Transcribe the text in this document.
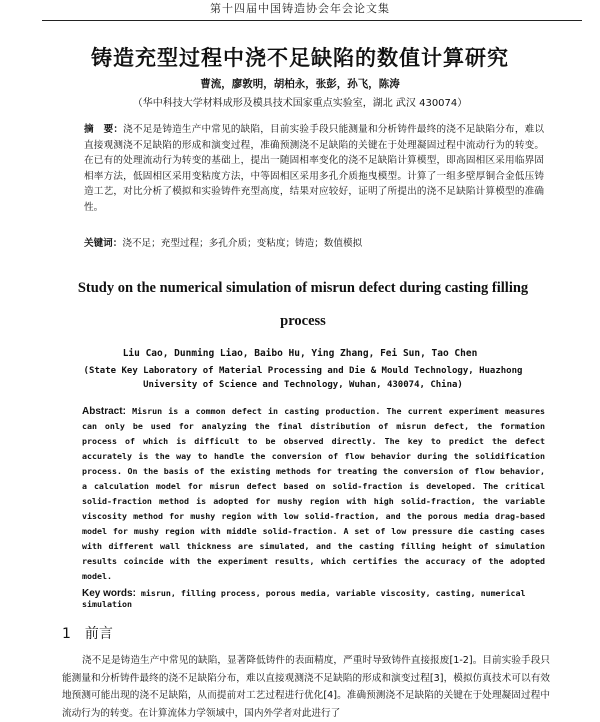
第十四届中国铸造协会年会论文集
铸造充型过程中浇不足缺陷的数值计算研究
曹流，廖敦明，胡柏永，张彭，孙飞，陈涛
（华中科技大学材料成形及模具技术国家重点实验室，湖北 武汉 430074）
摘　要：浇不足是铸造生产中常见的缺陷，目前实验手段只能测量和分析铸件最终的浇不足缺陷分布，难以直接观测浇不足缺陷的形成和演变过程，准确预测浇不足缺陷的关键在于处理凝固过程中流动行为的转变。在已有的处理流动行为转变的基础上，提出一随固相率变化的浇不足缺陷计算模型，即高固相区采用临界固相率方法，低固相区采用变粘度方法，中等固相区采用多孔介质拖曳模型。计算了一组多壁厚铜合金低压铸造工艺，对比分析了模拟和实验铸件充型高度，结果对应较好，证明了所提出的浇不足缺陷计算模型的准确性。
关键词：浇不足；充型过程；多孔介质；变粘度；铸造；数值模拟
Study on the numerical simulation of misrun defect during casting filling process
Liu Cao, Dunming Liao, Baibo Hu, Ying Zhang, Fei Sun, Tao Chen
(State Key Laboratory of Material Processing and Die & Mould Technology, Huazhong University of Science and Technology, Wuhan, 430074, China)
Abstract: Misrun is a common defect in casting production. The current experiment measures can only be used for analyzing the final distribution of misrun defect, the formation process of which is difficult to be observed directly. The key to predict the defect accurately is the way to handle the conversion of flow behavior during the solidification process. On the basis of the existing methods for treating the conversion of flow behavior, a calculation model for misrun defect based on solid-fraction is developed. The critical solid-fraction method is adopted for mushy region with high solid-fraction, the variable viscosity method for mushy region with low solid-fraction, and the porous media drag-based model for mushy region with middle solid-fraction. A set of low pressure die casting cases with different wall thickness are simulated, and the casting filling height of simulation results coincide with the experiment results, which certifies the accuracy of the adopted model.
Key words: misrun, filling process, porous media, variable viscosity, casting, numerical simulation
1 前言
浇不足是铸造生产中常见的缺陷，显著降低铸件的表面精度，严重时导致铸件直接报废[1-2]。目前实验手段只能测量和分析铸件最终的浇不足缺陷分布，难以直接观测浇不足缺陷的形成和演变过程[3]，模拟仿真技术可以有效地预测可能出现的浇不足缺陷，从而提前对工艺过程进行优化[4]。准确预测浇不足缺陷的关键在于处理凝固过程中流动行为的转变。在计算流体力学领域中，国内外学者对此进行了
